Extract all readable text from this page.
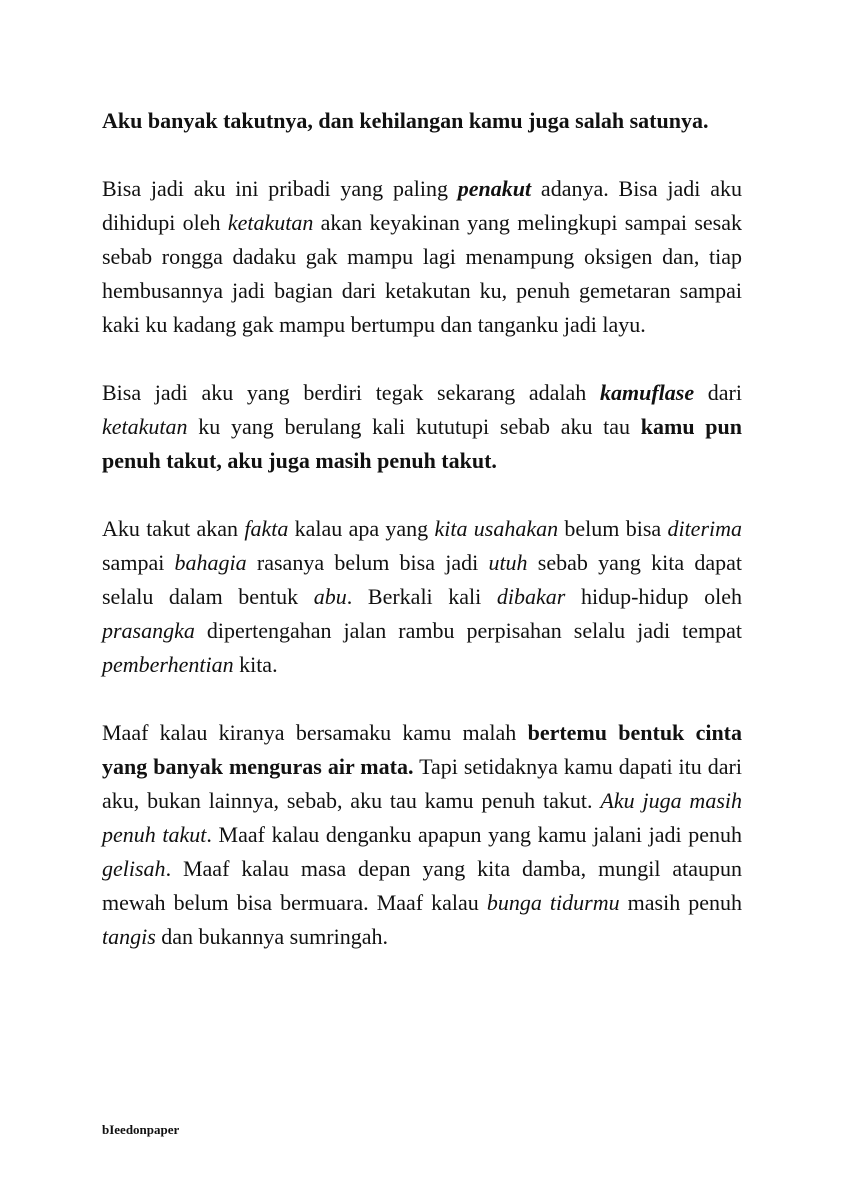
Aku banyak takutnya, dan kehilangan kamu juga salah satunya.

Bisa jadi aku ini pribadi yang paling penakut adanya. Bisa jadi aku dihidupi oleh ketakutan akan keyakinan yang melingkupi sampai sesak sebab rongga dadaku gak mampu lagi menampung oksigen dan, tiap hembusannya jadi bagian dari ketakutan ku, penuh gemetaran sampai kaki ku kadang gak mampu bertumpu dan tanganku jadi layu.

Bisa jadi aku yang berdiri tegak sekarang adalah kamuflase dari ketakutan ku yang berulang kali kututupi sebab aku tau kamu pun penuh takut, aku juga masih penuh takut.

Aku takut akan fakta kalau apa yang kita usahakan belum bisa diterima sampai bahagia rasanya belum bisa jadi utuh sebab yang kita dapat selalu dalam bentuk abu. Berkali kali dibakar hidup-hidup oleh prasangka dipertengahan jalan rambu perpisahan selalu jadi tempat pemberhentian kita.

Maaf kalau kiranya bersamaku kamu malah bertemu bentuk cinta yang banyak menguras air mata. Tapi setidaknya kamu dapati itu dari aku, bukan lainnya, sebab, aku tau kamu penuh takut. Aku juga masih penuh takut. Maaf kalau denganku apapun yang kamu jalani jadi penuh gelisah. Maaf kalau masa depan yang kita damba, mungil ataupun mewah belum bisa bermuara. Maaf kalau bunga tidurmu masih penuh tangis dan bukannya sumringah.

bIeedonpaper
